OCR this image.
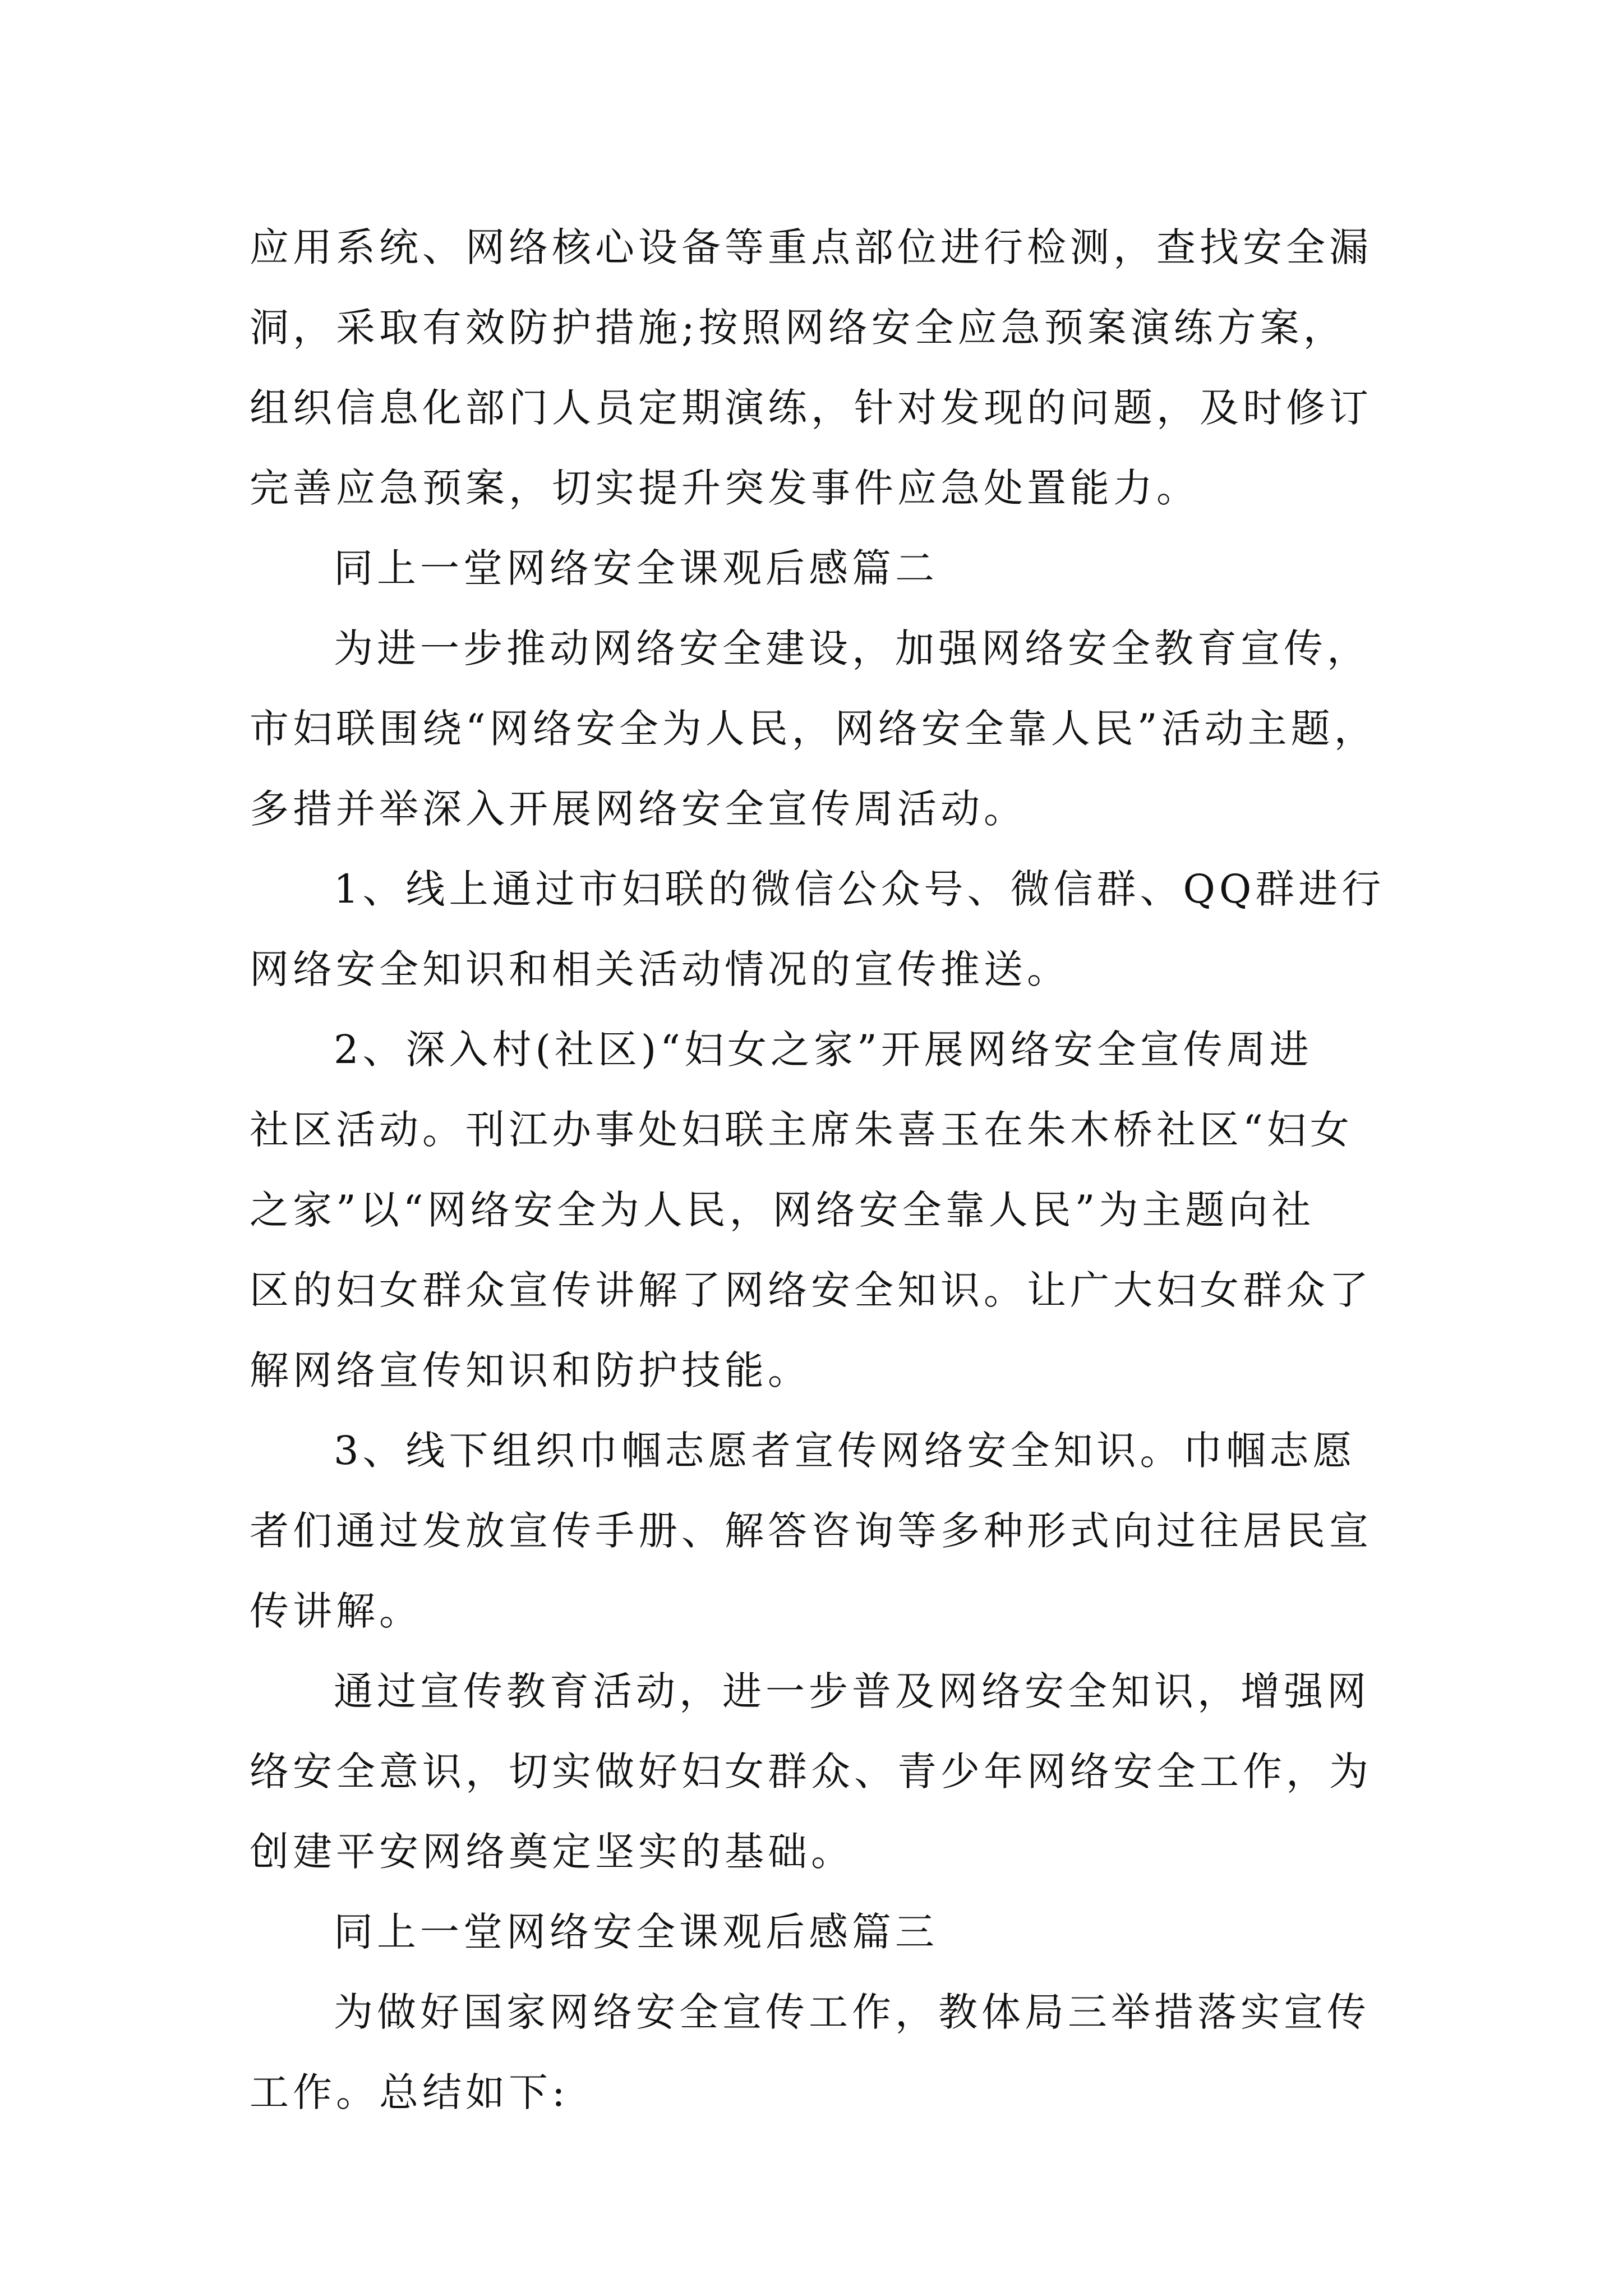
应用系统、网络核心设备等重点部位进行检测，查找安全漏
洞，采取有效防护措施;按照网络安全应急预案演练方案，
组织信息化部门人员定期演练，针对发现的问题，及时修订
完善应急预案，切实提升突发事件应急处置能力。
同上一堂网络安全课观后感篇二
为进一步推动网络安全建设，加强网络安全教育宣传，
市妇联围绕“网络安全为人民，网络安全靠人民”活动主题，
多措并举深入开展网络安全宣传周活动。
1、线上通过市妇联的微信公众号、微信群、QQ群进行
网络安全知识和相关活动情况的宣传推送。
2、深入村(社区)“妇女之家”开展网络安全宣传周进
社区活动。刊江办事处妇联主席朱喜玉在朱木桥社区“妇女
之家”以“网络安全为人民，网络安全靠人民”为主题向社
区的妇女群众宣传讲解了网络安全知识。让广大妇女群众了
解网络宣传知识和防护技能。
3、线下组织巾帼志愿者宣传网络安全知识。巾帼志愿
者们通过发放宣传手册、解答咨询等多种形式向过往居民宣
传讲解。
通过宣传教育活动，进一步普及网络安全知识，增强网
络安全意识，切实做好妇女群众、青少年网络安全工作，为
创建平安网络奠定坚实的基础。
同上一堂网络安全课观后感篇三
为做好国家网络安全宣传工作，教体局三举措落实宣传
工作。总结如下:
